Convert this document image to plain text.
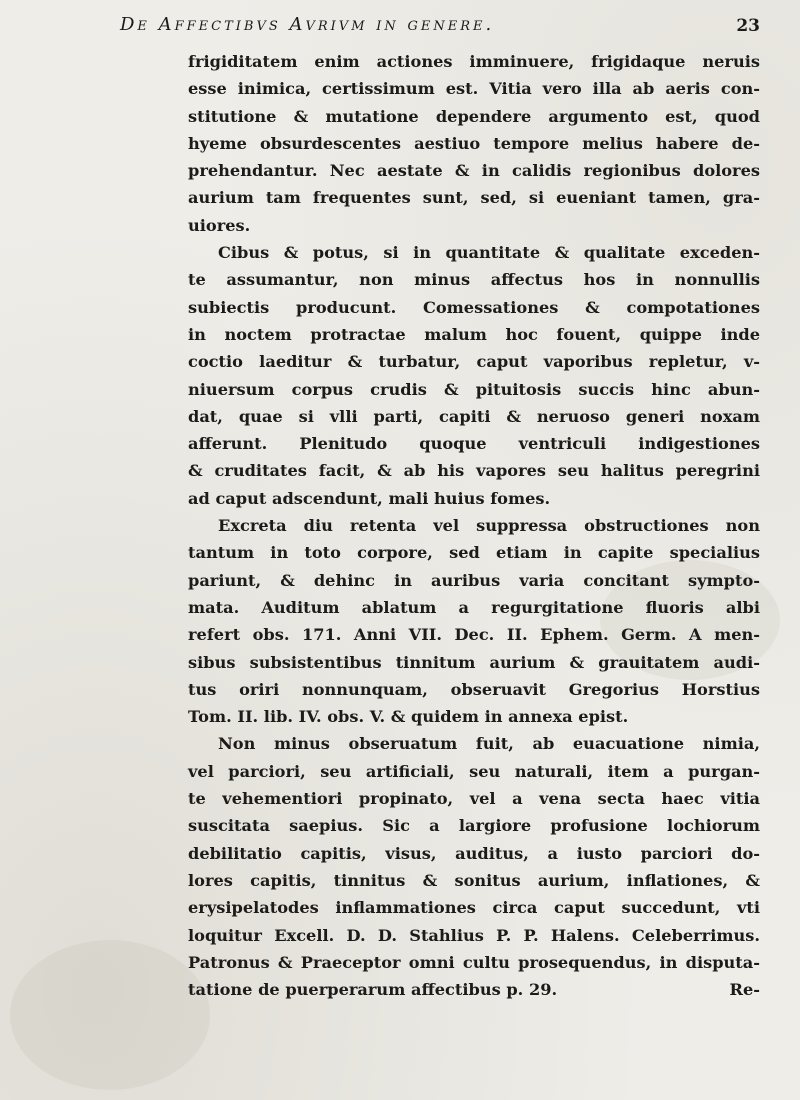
De Affectibvs Avrivm in genere.	23
frigiditatem enim actiones imminuere, frigidaque neruis
esse inimica, certissimum est. Vitia vero illa ab aeris con-
stitutione & mutatione dependere argumento est, quod
hyeme obsurdescentes aestiuo tempore melius habere de-
prehendantur. Nec aestate & in calidis regionibus dolores
aurium tam frequentes sunt, sed, si eueniant tamen, gra-
uiores.
Cibus & potus, si in quantitate & qualitate exceden-
te assumantur, non minus affectus hos in nonnullis
subiectis producunt. Comessationes & compotationes
in noctem protractae malum hoc fouent, quippe inde
coctio laeditur & turbatur, caput vaporibus repletur, v-
niuersum corpus crudis & pituitosis succis hinc abun-
dat, quae si vlli parti, capiti & neruoso generi noxam
afferunt. Plenitudo quoque ventriculi indigestiones
& cruditates facit, & ab his vapores seu halitus peregrini
ad caput adscendunt, mali huius fomes.
Excreta diu retenta vel suppressa obstructiones non
tantum in toto corpore, sed etiam in capite specialius
pariunt, & dehinc in auribus varia concitant sympto-
mata. Auditum ablatum a regurgitatione fluoris albi
refert obs. 171. Anni VII. Dec. II. Ephem. Germ. A men-
sibus subsistentibus tinnitum aurium & grauitatem audi-
tus oriri nonnunquam, obseruavit Gregorius Horstius
Tom. II. lib. IV. obs. V. & quidem in annexa epist.
Non minus obseruatum fuit, ab euacuatione nimia,
vel parciori, seu artificiali, seu naturali, item a purgan-
te vehementiori propinato, vel a vena secta haec vitia
suscitata saepius. Sic a largiore profusione lochiorum
debilitatio capitis, visus, auditus, a iusto parciori do-
lores capitis, tinnitus & sonitus aurium, inflationes, &
erysipelatodes inflammationes circa caput succedunt, vti
loquitur Excell. D. D. Stahlius P. P. Halens. Celeberrimus.
Patronus & Praeceptor omni cultu prosequendus, in disputa-
tatione de puerperarum affectibus p. 29.	Re-
